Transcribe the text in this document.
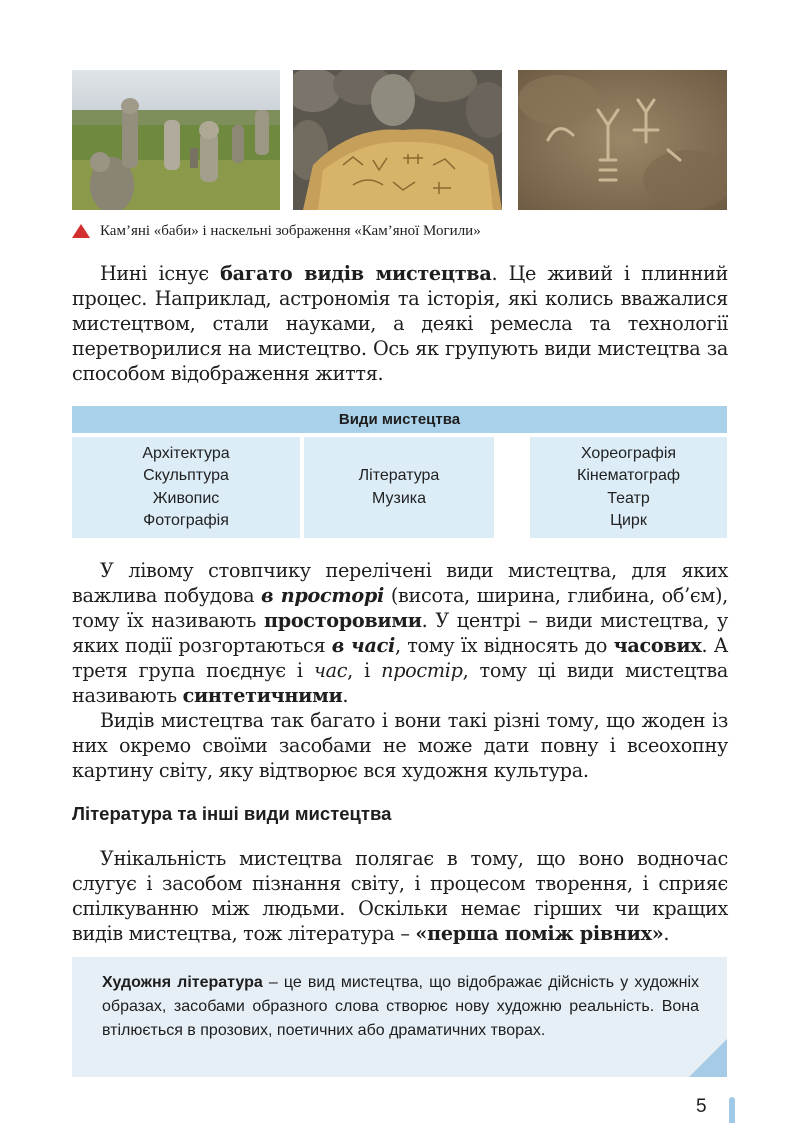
Кам’яні «баби» і наскельні зображення «Кам’яної Могили»

Нині існує багато видів мистецтва. Це живий і плинний процес. Наприклад, астрономія та історія, які колись вважалися мистецтвом, стали науками, а деякі ремесла та технології перетворилися на мистецтво. Ось як групують види мистецтва за способом відображення життя.

Види мистецтва
Архітектура
Скульптура
Живопис
Фотографія
Література
Музика
Хореографія
Кінематограф
Театр
Цирк

У лівому стовпчику перелічені види мистецтва, для яких важлива побудова в просторі (висота, ширина, глибина, об’єм), тому їх називають просторовими. У центрі – види мистецтва, у яких події розгортаються в часі, тому їх відносять до часових. А третя група поєднує і час, і простір, тому ці види мистецтва називають синтетичними.

Видів мистецтва так багато і вони такі різні тому, що жоден із них окремо своїми засобами не може дати повну і всеохопну картину світу, яку відтворює вся художня культура.

Література та інші види мистецтва

Унікальність мистецтва полягає в тому, що воно водночас слугує і засобом пізнання світу, і процесом творення, і сприяє спілкуванню між людьми. Оскільки немає гірших чи кращих видів мистецтва, тож література – «перша поміж рівних».

Художня література – це вид мистецтва, що відображає дійсність у художніх образах, засобами образного слова створює нову художню реальність. Вона втілюється в прозових, поетичних або драматичних творах.
5
